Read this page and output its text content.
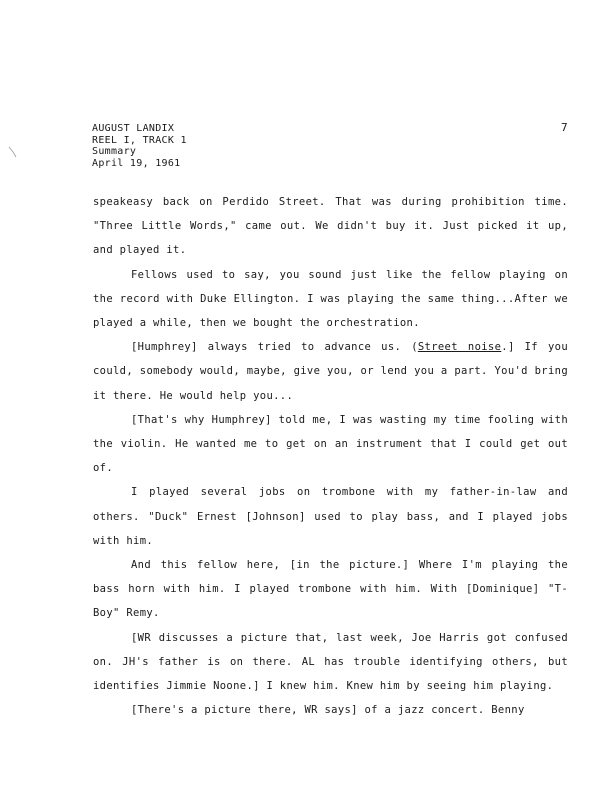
AUGUST LANDIX
REEL I, TRACK 1
Summary
April 19, 1961
7

speakeasy back on Perdido Street. That was during prohibition time. "Three Little Words," came out. We didn't buy it. Just picked it up, and played it.

Fellows used to say, you sound just like the fellow playing on the record with Duke Ellington. I was playing the same thing...After we played a while, then we bought the orchestration.

[Humphrey] always tried to advance us. (Street noise.] If you could, somebody would, maybe, give you, or lend you a part. You'd bring it there. He would help you...

[That's why Humphrey] told me, I was wasting my time fooling with the violin. He wanted me to get on an instrument that I could get out of.

I played several jobs on trombone with my father-in-law and others. "Duck" Ernest [Johnson] used to play bass, and I played jobs with him.

And this fellow here, [in the picture.] Where I'm playing the bass horn with him. I played trombone with him. With [Dominique] "T-Boy" Remy.

[WR discusses a picture that, last week, Joe Harris got confused on. JH's father is on there. AL has trouble identifying others, but identifies Jimmie Noone.] I knew him. Knew him by seeing him playing.

[There's a picture there, WR says] of a jazz concert. Benny
